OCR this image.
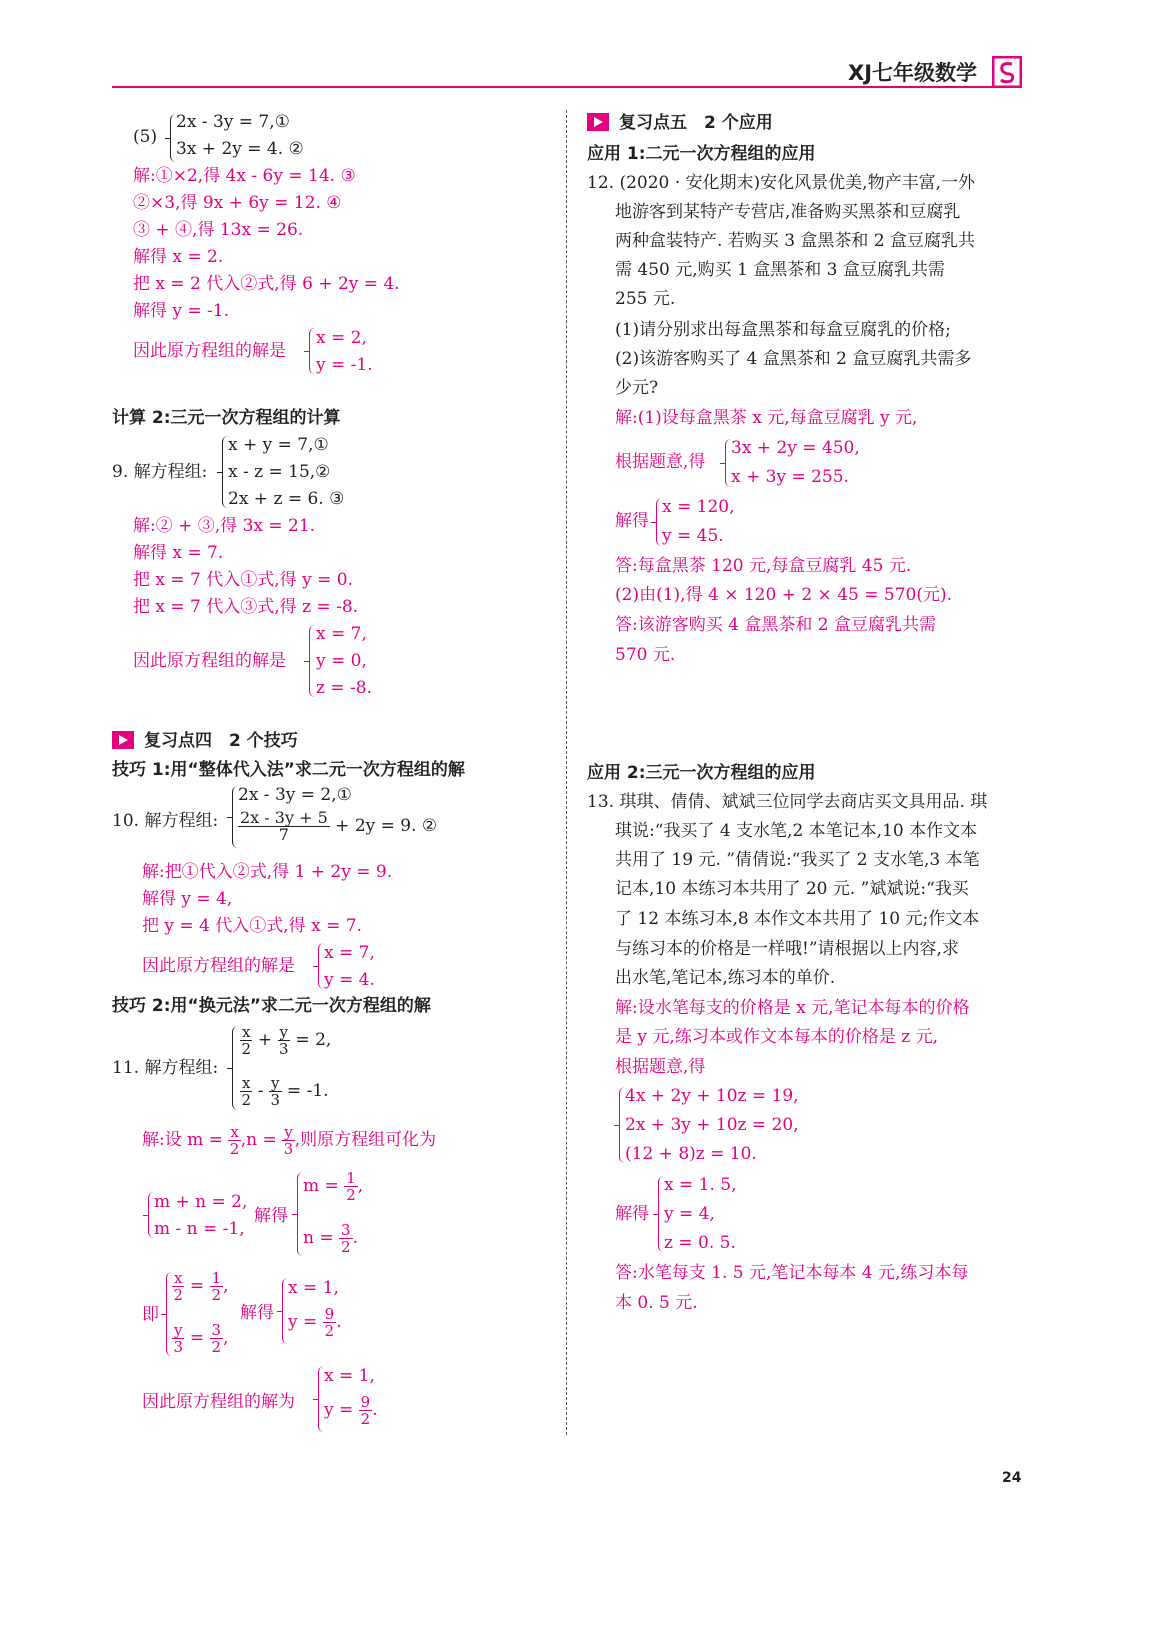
XJ七年级数学
(5)
2x - 3y = 7,①
3x + 2y = 4. ②
解:①×2,得 4x - 6y = 14. ③
②×3,得 9x + 6y = 12. ④
③ + ④,得 13x = 26.
解得 x = 2.
把 x = 2 代入②式,得 6 + 2y = 4.
解得 y = -1.
因此原方程组的解是
x = 2,
y = -1.
计算 2:三元一次方程组的计算
9. 解方程组:
x + y = 7,①
x - z = 15,②
2x + z = 6. ③
解:② + ③,得 3x = 21.
解得 x = 7.
把 x = 7 代入①式,得 y = 0.
把 x = 7 代入③式,得 z = -8.
因此原方程组的解是
x = 7,
y = 0,
z = -8.
复习点四　2 个技巧
技巧 1:用“整体代入法”求二元一次方程组的解
10. 解方程组:
2x - 3y = 2,①
$\frac{2x - 3y + 5}{7} + 2y = 9$. ②
解:把①代入②式,得 1 + 2y = 9.
解得 y = 4,
把 y = 4 代入①式,得 x = 7.
因此原方程组的解是
x = 7,
y = 4.
技巧 2:用“换元法”求二元一次方程组的解
11. 解方程组:
$\frac{x}{2} + \frac{y}{3} = 2$,
$\frac{x}{2} - \frac{y}{3} = -1$.
解:设 $m = \frac{x}{2} ,n = \frac{y}{3}$ ,则原方程组可化为
m + n = 2,
m - n = -1,
解得
$m = \frac{1}{2}$ ,
$n = \frac{3}{2}$ .
即
$\frac{x}{2} = \frac{1}{2}$ ,
$\frac{y}{3} = \frac{3}{2}$ ,
解得
x = 1,
$y = \frac{9}{2}$ .
因此原方程组的解为
x = 1,
$y = \frac{9}{2}$ .
复习点五　2 个应用
应用 1:二元一次方程组的应用
12. (2020 · 安化期末)安化风景优美,物产丰富,一外
地游客到某特产专营店,准备购买黑茶和豆腐乳
两种盒装特产. 若购买 3 盒黑茶和 2 盒豆腐乳共
需 450 元,购买 1 盒黑茶和 3 盒豆腐乳共需
255 元.
(1)请分别求出每盒黑茶和每盒豆腐乳的价格;
(2)该游客购买了 4 盒黑茶和 2 盒豆腐乳共需多
少元?
解:(1)设每盒黑茶 x 元,每盒豆腐乳 y 元,
根据题意,得
3x + 2y = 450,
x + 3y = 255.
解得
x = 120,
y = 45.
答:每盒黑茶 120 元,每盒豆腐乳 45 元.
(2)由(1),得 4 × 120 + 2 × 45 = 570(元).
答:该游客购买 4 盒黑茶和 2 盒豆腐乳共需
570 元.
应用 2:三元一次方程组的应用
13. 琪琪、倩倩、斌斌三位同学去商店买文具用品. 琪
琪说:“我买了 4 支水笔,2 本笔记本,10 本作文本
共用了 19 元. ”倩倩说:“我买了 2 支水笔,3 本笔
记本,10 本练习本共用了 20 元. ”斌斌说:“我买
了 12 本练习本,8 本作文本共用了 10 元;作文本
与练习本的价格是一样哦!”请根据以上内容,求
出水笔,笔记本,练习本的单价.
解:设水笔每支的价格是 x 元,笔记本每本的价格
是 y 元,练习本或作文本每本的价格是 z 元,
根据题意,得
4x + 2y + 10z = 19,
2x + 3y + 10z = 20,
(12 + 8)z = 10.
解得
x = 1. 5,
y = 4,
z = 0. 5.
答:水笔每支 1. 5 元,笔记本每本 4 元,练习本每
本 0. 5 元.
24
